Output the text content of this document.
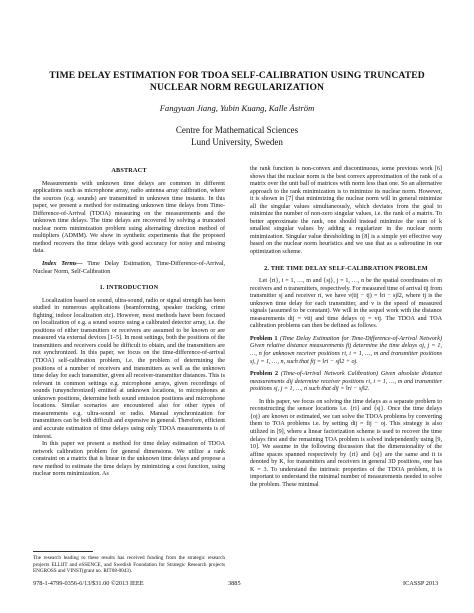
TIME DELAY ESTIMATION FOR TDOA SELF-CALIBRATION USING TRUNCATED
NUCLEAR NORM REGULARIZATION
Fangyuan Jiang, Yubin Kuang, Kalle Åström
Centre for Mathematical Sciences
Lund University, Sweden
ABSTRACT

Measurements with unknown time delays are common in different applications such as microphone array, radio antenna array calibration, where the sources (e.g. sounds) are transmitted in unknown time instants. In this paper, we present a method for estimating unknown time delays from Time-Difference-of-Arrival (TDOA) measuring on the measurements and the unknown time delays. The time delays are recovered by solving a truncated nuclear norm minimization problem using alternating direction method of multipliers (ADMM). We show in synthetic experiments that the proposed method recovers the time delays with good accuracy for noisy and missing data.

Index Terms— Time Delay Estimation, Time-Difference-of-Arrival, Nuclear Norm, Self-Calibration

1. INTRODUCTION

Localization based on sound, ultra-sound, radio or signal strength has been studied in numerous applications (beamforming, speaker tracking, crime fighting, indoor localization etc). However, most methods have been focused on localization of e.g. a sound source using a calibrated detector array, i.e. the positions of either transmitters or receivers are assumed to be known or are measured via external devices [1–5]. In most settings, both the positions of the transmitters and receivers could be difficult to obtain, and the transmitters are not synchronized. In this paper, we focus on the time-difference-of-arrival (TDOA) self-calibration problem, i.e. the problem of determining the positions of a number of receivers and transmitters as well as the unknown time delay for each transmitter, given all receiver-transmitter distances. This is relevant in common settings e.g. microphone arrays, given recordings of sounds (unsynchronized) emitted at unknown locations, to microphones at unknown positions, determine both sound emission positions and microphone locations. Similar scenarios are encountered also for other types of measurements e.g. ultra-sound or radio. Manual synchronization for transmitters can be both difficult and expensive in general. Therefore, efficient and accurate estimation of time delays using only TDOA measurements is of interest.

In this paper we present a method for time delay estimation of TDOA network calibration problem for general dimensions. We utilize a rank constraint on a matrix that is linear in the unknown time delays and propose a new method to estimate the time delays by minimizing a cost function, using nuclear norm minimization. As

The research leading to these results has received funding from the strategic research projects ELLIIT and eSSENCE, and Swedish Foundation for Strategic Research projects ENGROSS and VINST(grant no. RIT08-0043).

the rank function is non-convex and discontinuous, some previous work [6] shows that the nuclear norm is the best convex approximation of the rank of a matrix over the unit ball of matrices with norm less than one. So an alternative approach to the rank minimization is to minimize its nuclear norm. However, it is shown in [7] that minimizing the nuclear norm will in general minimize all the singular values simultaneously, which deviates from the goal to minimize the number of non-zero singular values, i.e. the rank of a matrix. To better approximate the rank, one should instead minimize the sum of k smallest singular values by adding a regularizer in the nuclear norm minimization. Singular value thresholding in [8] is a simple yet effective way based on the nuclear norm heuristics and we use that as a subroutine in our optimization scheme.

2. THE TIME DELAY SELF-CALIBRATION PROBLEM

Let {ri}, i = 1, …, m and {sj}, j = 1, …, n be the spatial coordinates of m receivers and n transmitters, respectively. For measured time of arrival tij from transmitter sj and receiver ri, we have v(tij − tj) = ‖ri − sj‖2, where tj is the unknown time delay for each transmitter, and v is the speed of measured signals (assumed to be constant). We will in the sequel work with the distance measurements dij = vtij and time delays oj = vtj. The TDOA and TOA calibration problems can then be defined as follows.

Problem 1 (Time Delay Estimation for Time-Difference-of-Arrival Network) Given relative distance measurements fij determine the time delays oj, j = 1, …, n for unknown receiver positions ri, i = 1, …, m and transmitter positions sj, j = 1, …, n, such that fij = ‖ri − sj‖2 + oj.

Problem 2 (Time-of-Arrival Network Calibration) Given absolute distance measurements dij determine receiver positions ri, i = 1, …, m and transmitter positions sj, j = 1, …, n such that dij = ‖ri − sj‖2.

In this paper, we focus on solving the time delays as a separate problem to reconstructing the sensor locations i.e. {ri} and {sj}. Once the time delays {oj} are known or estimated, we can solve the TDOA problems by converting them to TOA problems i.e. by setting dij = fij − oj. This strategy is also utilized in [9], where a linear factorization scheme is used to recover the time delays first and the remaining TOA problem is solved independently using [9, 10]. We assume in the following discussion that the dimensionality of the affine spaces spanned respectively by {ri} and {sj} are the same and it is denoted by K, for transmitters and receivers in general 3D positions, one has K = 3. To understand the intrinsic properties of the TDOA problem, it is important to understand the minimal number of measurements needed to solve the problem. These minimal

978-1-4799-0356-6/13/$31.00 ©2013 IEEE	3885	ICASSP 2013
